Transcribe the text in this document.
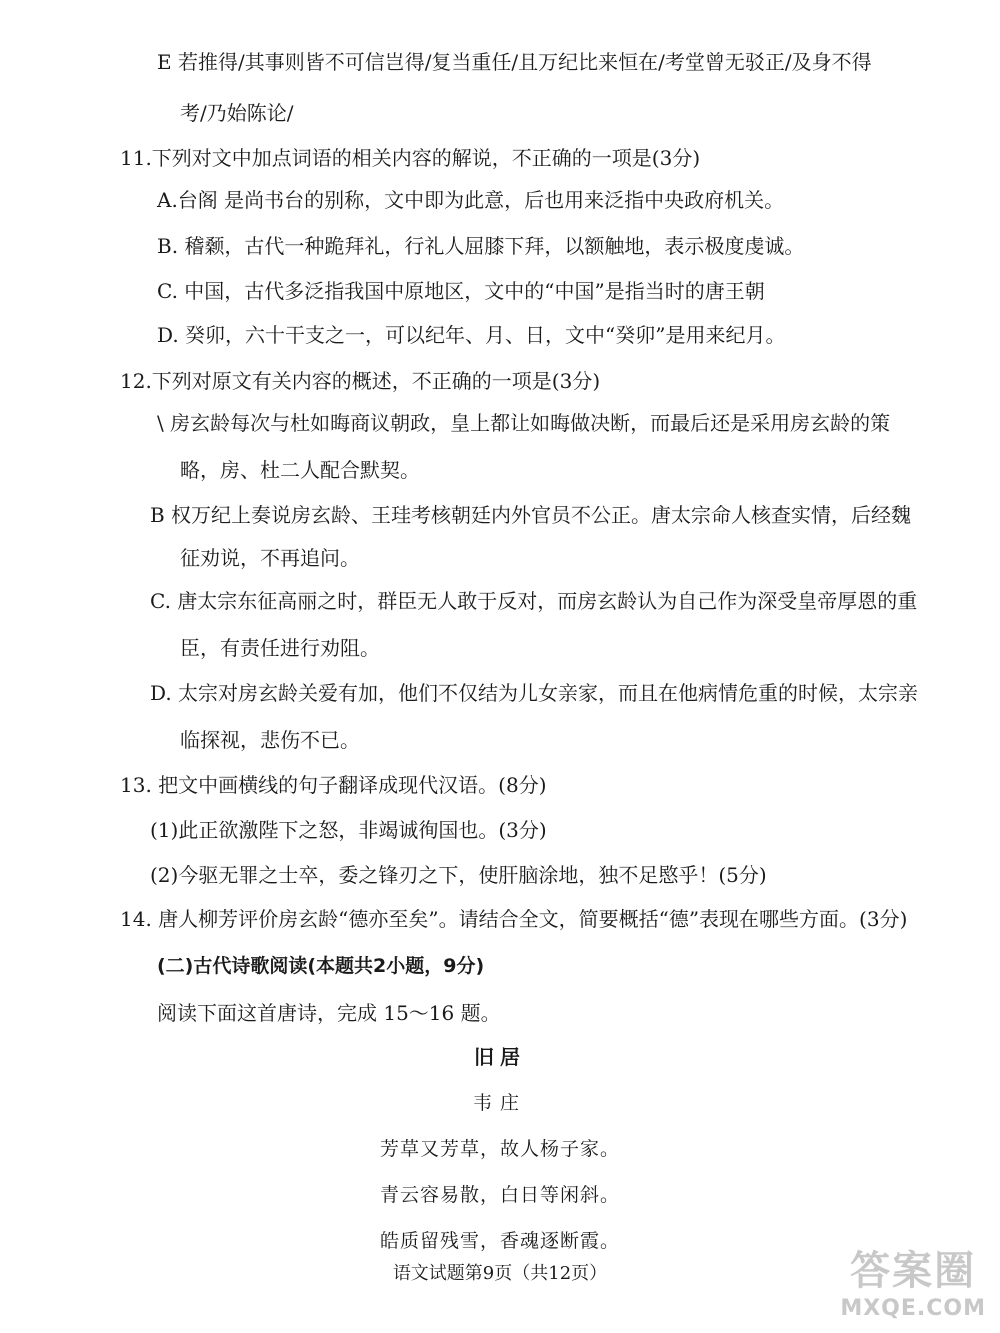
E 若推得/其事则皆不可信岂得/复当重任/且万纪比来恒在/考堂曾无驳正/及身不得
考/乃始陈论/
11.下列对文中加点词语的相关内容的解说，不正确的一项是(3分)
A.台阁 是尚书台的别称，文中即为此意，后也用来泛指中央政府机关。
B. 稽颡，古代一种跪拜礼，行礼人屈膝下拜，以额触地，表示极度虔诚。
C. 中国，古代多泛指我国中原地区，文中的“中国”是指当时的唐王朝
D. 癸卯，六十干支之一，可以纪年、月、日，文中“癸卯”是用来纪月。
12.下列对原文有关内容的概述，不正确的一项是(3分)
\ 房玄龄每次与杜如晦商议朝政，皇上都让如晦做决断，而最后还是采用房玄龄的策
略，房、杜二人配合默契。
B 权万纪上奏说房玄龄、王珪考核朝廷内外官员不公正。唐太宗命人核查实情，后经魏
征劝说，不再追问。
C. 唐太宗东征高丽之时，群臣无人敢于反对，而房玄龄认为自己作为深受皇帝厚恩的重
臣，有责任进行劝阻。
D. 太宗对房玄龄关爱有加，他们不仅结为儿女亲家，而且在他病情危重的时候，太宗亲
临探视，悲伤不已。
13. 把文中画横线的句子翻译成现代汉语。(8分)
(1)此正欲激陛下之怒，非竭诚徇国也。(3分)
(2)今驱无罪之士卒，委之锋刃之下，使肝脑涂地，独不足愍乎！(5分)
14. 唐人柳芳评价房玄龄“德亦至矣”。请结合全文，简要概括“德”表现在哪些方面。(3分)
(二)古代诗歌阅读(本题共2小题，9分)
阅读下面这首唐诗，完成 15～16 题。
旧居
韦庄
芳草又芳草，故人杨子家。
青云容易散，白日等闲斜。
皓质留残雪，香魂逐断霞。
语文试题第9页（共12页）	答案圈
MXQE.COM
